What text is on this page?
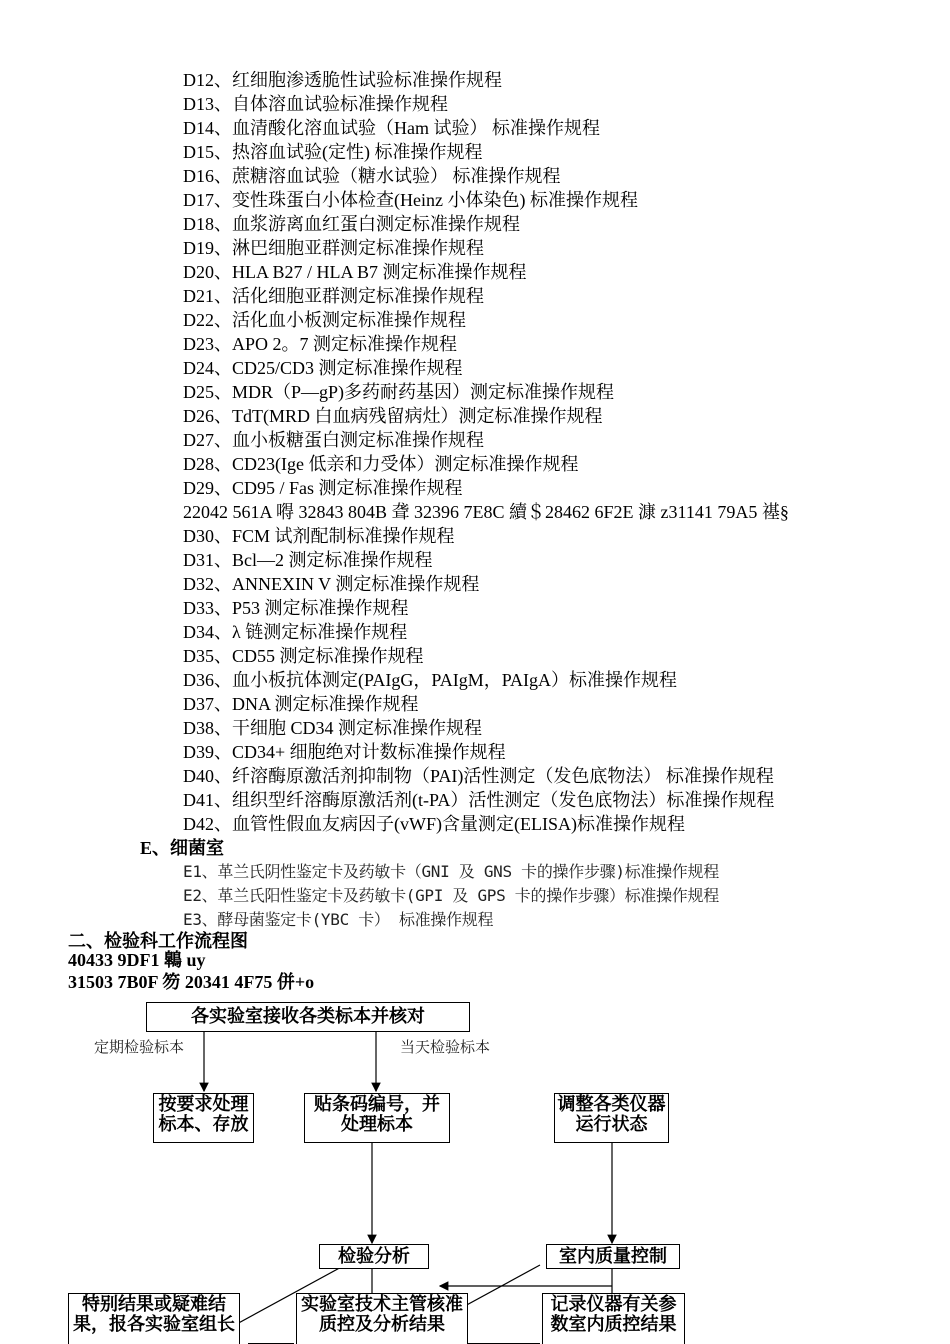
D12、红细胞渗透脆性试验标准操作规程
D13、自体溶血试验标准操作规程
D14、血清酸化溶血试验（Ham 试验） 标准操作规程
D15、热溶血试验(定性) 标准操作规程
D16、蔗糖溶血试验（糖水试验） 标准操作规程
D17、变性珠蛋白小体检查(Heinz 小体染色) 标准操作规程
D18、血浆游离血红蛋白测定标准操作规程
D19、淋巴细胞亚群测定标准操作规程
D20、HLA B27 / HLA B7 测定标准操作规程
D21、活化细胞亚群测定标准操作规程
D22、活化血小板测定标准操作规程
D23、APO 2。7 测定标准操作规程
D24、CD25/CD3 测定标准操作规程
D25、MDR（P—gP)多药耐药基因）测定标准操作规程
D26、TdT(MRD 白血病残留病灶）测定标准操作规程
D27、血小板糖蛋白测定标准操作规程
D28、CD23(Ige 低亲和力受体）测定标准操作规程
D29、CD95 / Fas 测定标准操作规程
22042 561A 嘚 32843 804B 聋 32396 7E8C 續＄28462 6F2E 漮 z31141 79A5 禥§
D30、FCM 试剂配制标准操作规程
D31、Bcl—2 测定标准操作规程
D32、ANNEXIN V 测定标准操作规程
D33、P53 测定标准操作规程
D34、λ 链测定标准操作规程
D35、CD55 测定标准操作规程
D36、血小板抗体测定(PAIgG，PAIgM，PAIgA）标准操作规程
D37、DNA 测定标准操作规程
D38、干细胞 CD34 测定标准操作规程
D39、CD34+ 细胞绝对计数标准操作规程
D40、纤溶酶原激活剂抑制物（PAI)活性测定（发色底物法） 标准操作规程
D41、组织型纤溶酶原激活剂(t-PA）活性测定（发色底物法）标准操作规程
D42、血管性假血友病因子(vWF)含量测定(ELISA)标准操作规程
E、细菌室
E1、革兰氏阴性鉴定卡及药敏卡（GNI 及 GNS 卡的操作步骤)标准操作规程
E2、革兰氏阳性鉴定卡及药敏卡(GPI 及 GPS 卡的操作步骤）标准操作规程
E3、酵母菌鉴定卡(YBC 卡） 标准操作规程
二、检验科工作流程图
40433 9DF1 鷱 uy
31503 7B0F 笏 20341 4F75 併+o
各实验室接收各类标本并核对
定期检验标本	当天检验标本
按要求处理标本、存放
贴条码编号，并处理标本
调整各类仪器运行状态
检验分析	室内质量控制
特别结果或疑难结果，报各实验室组长
实验室技术主管核准质控及分析结果
记录仪器有关参数室内质控结果
